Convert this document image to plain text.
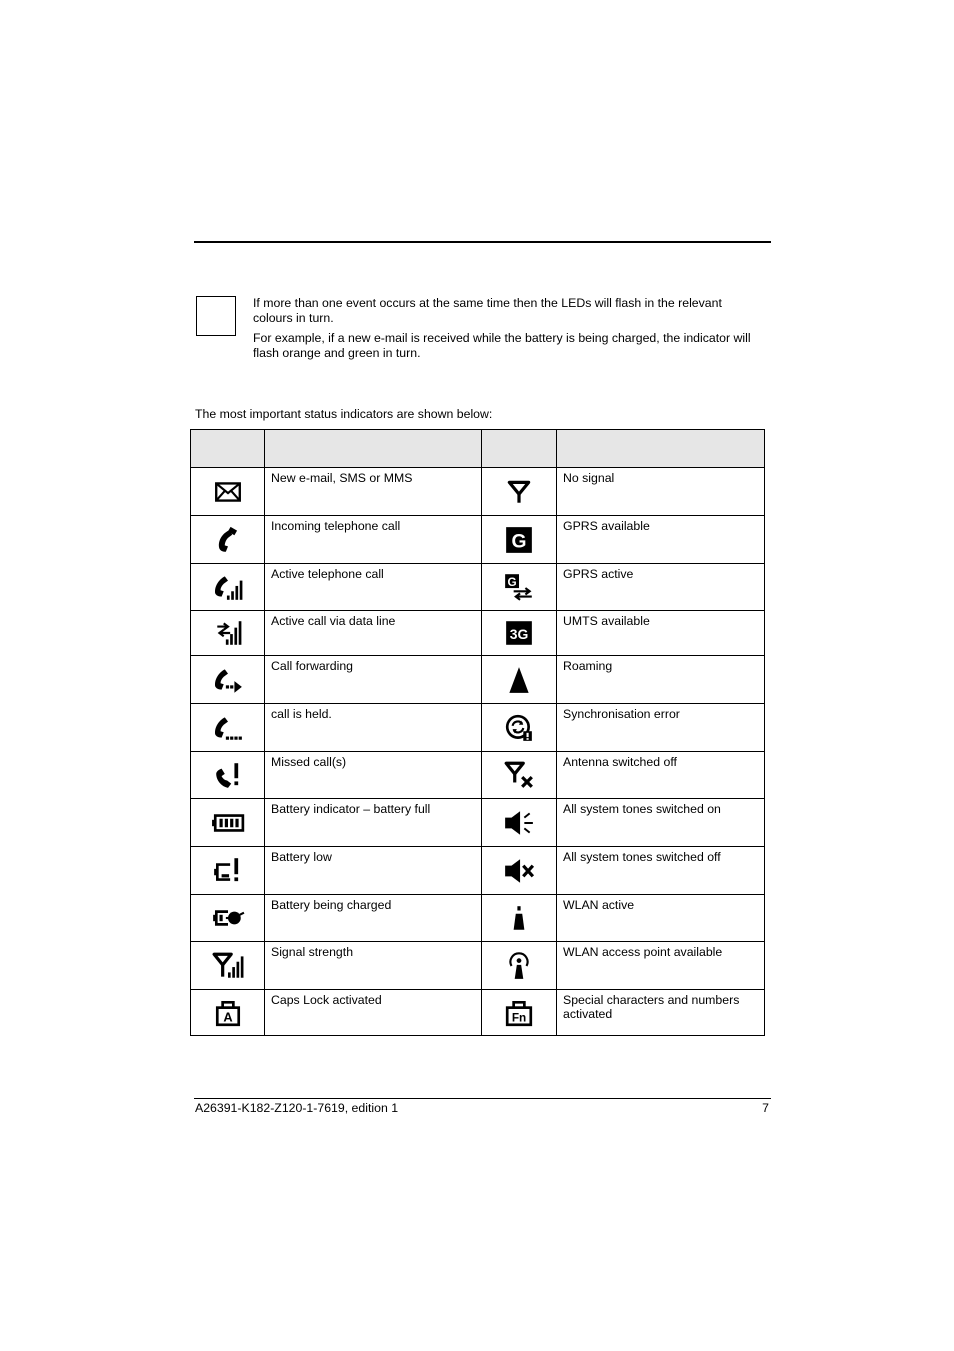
If more than one event occurs at the same time then the LEDs will flash in the relevant colours in turn.

For example, if a new e-mail is received while the battery is being charged, the indicator will flash orange and green in turn.

The most important status indicators are shown below:

	New e-mail, SMS or MMS		No signal

	Incoming telephone call	G	GPRS available

	Active telephone call	G	GPRS active

	Active call via data line	3G	UMTS available

	Call forwarding		Roaming

	call is held.		Synchronisation error

	Missed call(s)		Antenna switched off

	Battery indicator – battery full		All system tones switched on

	Battery low		All system tones switched off

	Battery being charged		WLAN active

	Signal strength		WLAN access point available

A	Caps Lock activated	Fn	Special characters and numbers activated
A26391-K182-Z120-1-7619, edition 1	7
